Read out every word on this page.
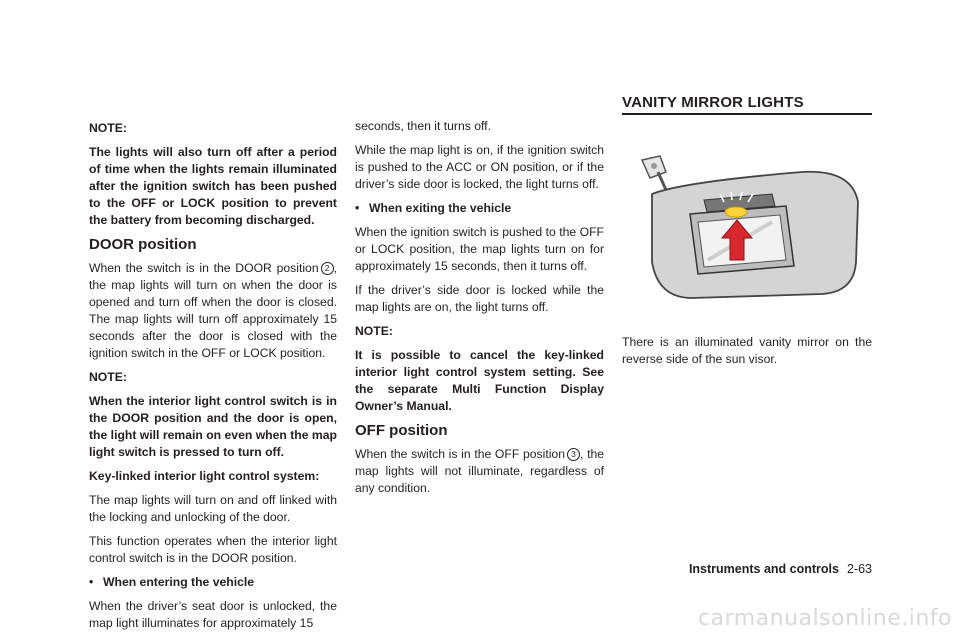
NOTE:

The lights will also turn off after a period of time when the lights remain illuminated after the ignition switch has been pushed to the OFF or LOCK position to prevent the battery from becoming discharged.

DOOR position

When the switch is in the DOOR position 2 , the map lights will turn on when the door is opened and turn off when the door is closed. The map lights will turn off approximately 15 seconds after the door is closed with the ignition switch in the OFF or LOCK position.

NOTE:

When the interior light control switch is in the DOOR position and the door is open, the light will remain on even when the map light switch is pressed to turn off.

Key-linked interior light control system:

The map lights will turn on and off linked with the locking and unlocking of the door.

This function operates when the interior light control switch is in the DOOR position.

• When entering the vehicle

When the driver’s seat door is unlocked, the map light illuminates for approximately 15

seconds, then it turns off.

While the map light is on, if the ignition switch is pushed to the ACC or ON position, or if the driver’s side door is locked, the light turns off.

• When exiting the vehicle

When the ignition switch is pushed to the OFF or LOCK position, the map lights turn on for approximately 15 seconds, then it turns off.

If the driver’s side door is locked while the map lights are on, the light turns off.

NOTE:

It is possible to cancel the key-linked interior light control system setting. See the separate Multi Function Display Owner’s Manual.

OFF position

When the switch is in the OFF position 3 , the map lights will not illuminate, regardless of any condition.

VANITY MIRROR LIGHTS
There is an illuminated vanity mirror on the reverse side of the sun visor.
Instruments and controls 2-63
carmanualsonline.info
